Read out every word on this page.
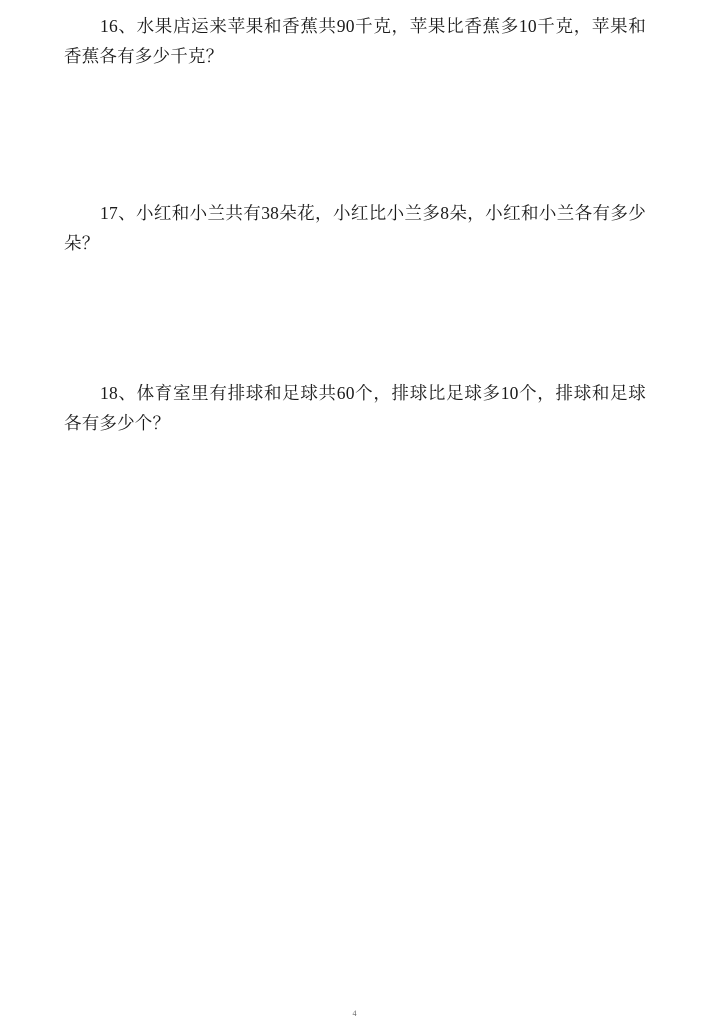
16、水果店运来苹果和香蕉共90千克，苹果比香蕉多10千克，苹果和香蕉各有多少千克？
17、小红和小兰共有38朵花，小红比小兰多8朵，小红和小兰各有多少朵？
18、体育室里有排球和足球共60个，排球比足球多10个，排球和足球各有多少个？
4
